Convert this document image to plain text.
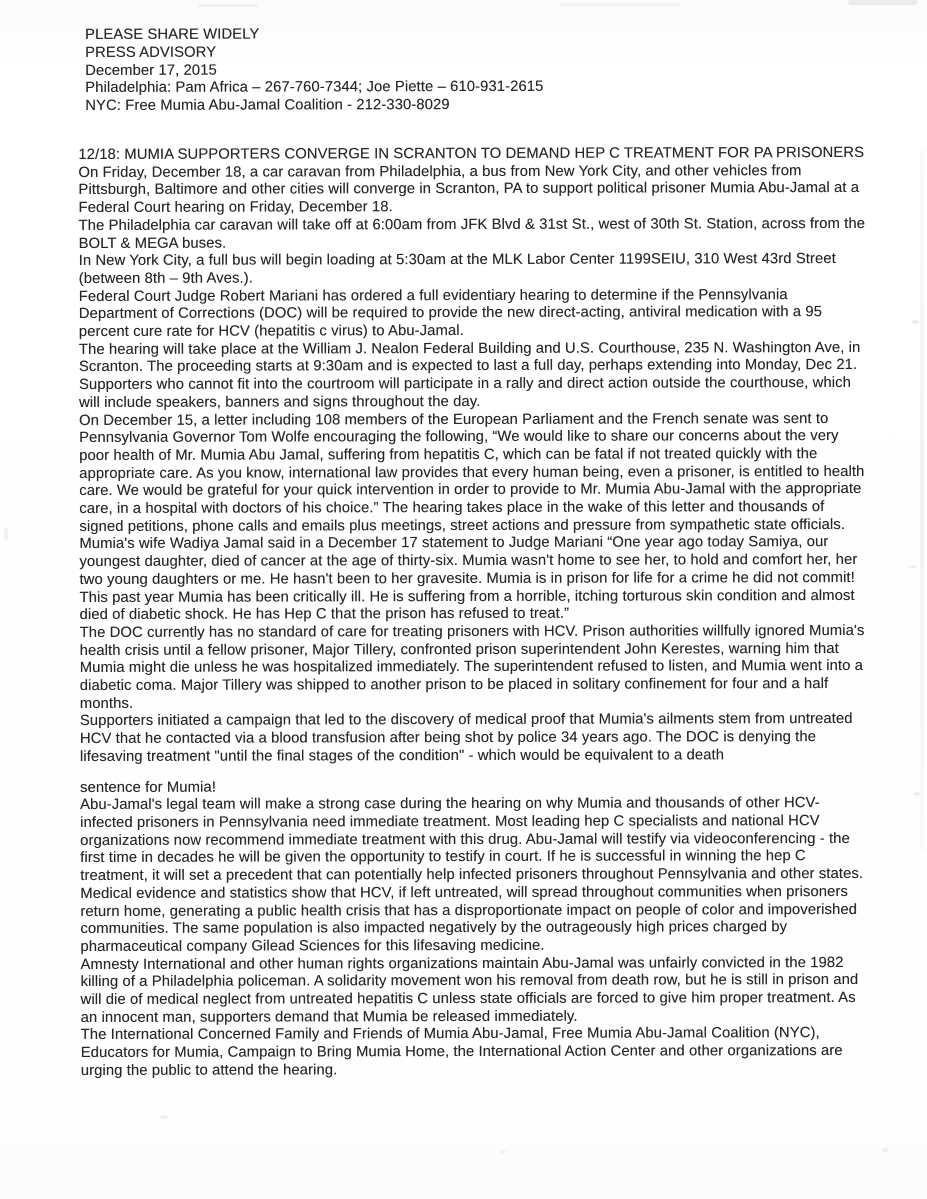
PLEASE SHARE WIDELY
PRESS ADVISORY
December 17, 2015
Philadelphia: Pam Africa – 267-760-7344; Joe Piette – 610-931-2615
NYC: Free Mumia Abu-Jamal Coalition - 212-330-8029

12/18: MUMIA SUPPORTERS CONVERGE IN SCRANTON TO DEMAND HEP C TREATMENT FOR PA PRISONERS

On Friday, December 18, a car caravan from Philadelphia, a bus from New York City, and other vehicles from Pittsburgh, Baltimore and other cities will converge in Scranton, PA to support political prisoner Mumia Abu-Jamal at a Federal Court hearing on Friday, December 18.

The Philadelphia car caravan will take off at 6:00am from JFK Blvd & 31st St., west of 30th St. Station, across from the BOLT & MEGA buses.

In New York City, a full bus will begin loading at 5:30am at the MLK Labor Center 1199SEIU, 310 West 43rd Street (between 8th – 9th Aves.).

Federal Court Judge Robert Mariani has ordered a full evidentiary hearing to determine if the Pennsylvania Department of Corrections (DOC) will be required to provide the new direct-acting, antiviral medication with a 95 percent cure rate for HCV (hepatitis c virus) to Abu-Jamal.

The hearing will take place at the William J. Nealon Federal Building and U.S. Courthouse, 235 N. Washington Ave, in Scranton. The proceeding starts at 9:30am and is expected to last a full day, perhaps extending into Monday, Dec 21.

Supporters who cannot fit into the courtroom will participate in a rally and direct action outside the courthouse, which will include speakers, banners and signs throughout the day.

On December 15, a letter including 108 members of the European Parliament and the French senate was sent to Pennsylvania Governor Tom Wolfe encouraging the following, “We would like to share our concerns about the very poor health of Mr. Mumia Abu Jamal, suffering from hepatitis C, which can be fatal if not treated quickly with the appropriate care. As you know, international law provides that every human being, even a prisoner, is entitled to health care. We would be grateful for your quick intervention in order to provide to Mr. Mumia Abu-Jamal with the appropriate care, in a hospital with doctors of his choice.” The hearing takes place in the wake of this letter and thousands of signed petitions, phone calls and emails plus meetings, street actions and pressure from sympathetic state officials.

Mumia's wife Wadiya Jamal said in a December 17 statement to Judge Mariani “One year ago today Samiya, our youngest daughter, died of cancer at the age of thirty-six. Mumia wasn't home to see her, to hold and comfort her, her two young daughters or me. He hasn't been to her gravesite. Mumia is in prison for life for a crime he did not commit! This past year Mumia has been critically ill. He is suffering from a horrible, itching torturous skin condition and almost died of diabetic shock. He has Hep C that the prison has refused to treat.”

The DOC currently has no standard of care for treating prisoners with HCV. Prison authorities willfully ignored Mumia's health crisis until a fellow prisoner, Major Tillery, confronted prison superintendent John Kerestes, warning him that Mumia might die unless he was hospitalized immediately. The superintendent refused to listen, and Mumia went into a diabetic coma. Major Tillery was shipped to another prison to be placed in solitary confinement for four and a half months.

Supporters initiated a campaign that led to the discovery of medical proof that Mumia's ailments stem from untreated HCV that he contacted via a blood transfusion after being shot by police 34 years ago. The DOC is denying the lifesaving treatment "until the final stages of the condition" - which would be equivalent to a death

sentence for Mumia!

Abu-Jamal's legal team will make a strong case during the hearing on why Mumia and thousands of other HCV-infected prisoners in Pennsylvania need immediate treatment. Most leading hep C specialists and national HCV organizations now recommend immediate treatment with this drug. Abu-Jamal will testify via videoconferencing - the first time in decades he will be given the opportunity to testify in court. If he is successful in winning the hep C treatment, it will set a precedent that can potentially help infected prisoners throughout Pennsylvania and other states.

Medical evidence and statistics show that HCV, if left untreated, will spread throughout communities when prisoners return home, generating a public health crisis that has a disproportionate impact on people of color and impoverished communities. The same population is also impacted negatively by the outrageously high prices charged by pharmaceutical company Gilead Sciences for this lifesaving medicine.

Amnesty International and other human rights organizations maintain Abu-Jamal was unfairly convicted in the 1982 killing of a Philadelphia policeman. A solidarity movement won his removal from death row, but he is still in prison and will die of medical neglect from untreated hepatitis C unless state officials are forced to give him proper treatment. As an innocent man, supporters demand that Mumia be released immediately.

The International Concerned Family and Friends of Mumia Abu-Jamal, Free Mumia Abu-Jamal Coalition (NYC), Educators for Mumia, Campaign to Bring Mumia Home, the International Action Center and other organizations are urging the public to attend the hearing.
